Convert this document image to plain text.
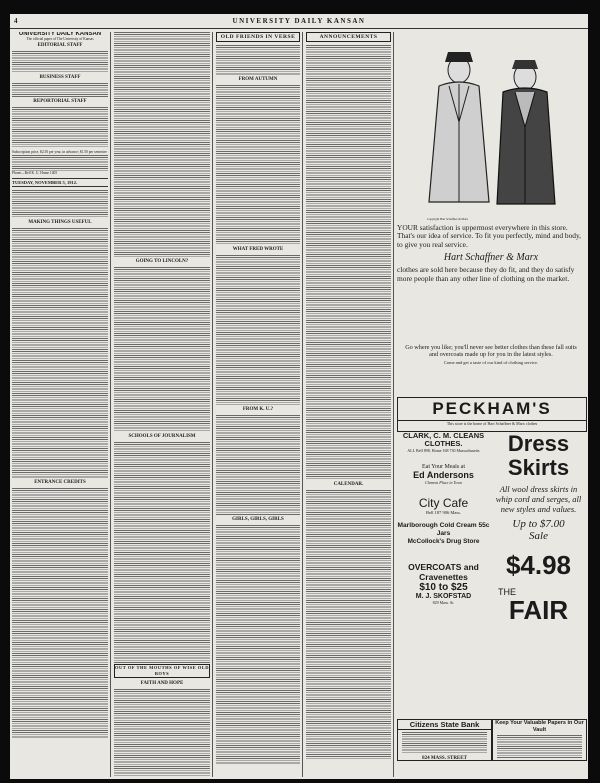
4	UNIVERSITY DAILY KANSAN
UNIVERSITY DAILY KANSAN
The official paper of The University of Kansas
EDITORIAL STAFF
BUSINESS STAFF
REPORTORIAL STAFF
Subscription price, $2.50 per year, in advance; $1.50 per semester
Phone—Bell K. U. Home 1405
TUESDAY, NOVEMBER 5, 1912.
MAKING THINGS USEFUL
ENTRANCE CREDITS
GOING TO LINCOLN?
SCHOOLS OF JOURNALISM
OUT OF THE MOUTHS OF WISE OLD BOYS
FAITH AND HOPE
OLD FRIENDS IN VERSE
FROM AUTUMN
WHAT FRED WROTE
FROM K. U.?
GIRLS, GIRLS, GIRLS
ANNOUNCEMENTS
CALENDAR.
Copyright Hart Schaffner & Marx
YOUR satisfaction is uppermost everywhere in this store. That's our idea of service. To fit you perfectly, mind and body, to give you real service.
Hart Schaffner & Marx
clothes are sold here because they do fit, and they do satisfy more people than any other line of clothing on the market.
Go where you like; you'll never see better clothes than these fall suits and overcoats made up for you in the latest styles.
Come and get a taste of our kind of clothing service.
PECKHAM'S
This store is the home of Hart Schaffner & Marx clothes
CLARK, C. M. CLEANS CLOTHES.
ALL Bell 898, Home 168 730 Massachusetts
Eat Your Meals at
Ed Andersons
Clement Place in Town
City Cafe
Bell 187 906 Mass.
Marlborough Cold Cream 55c Jars
McCollock's Drug Store
OVERCOATS and Cravenettes
$10 to $25
M. J. SKOFSTAD
829 Mass. St.
Dress
Skirts
All wool dress skirts in whip cord and serges, all new styles and values.
Up to $7.00
Sale
$4.98
THE
FAIR
Citizens State Bank
824 MASS. STREET
Keep Your Valuable Papers in Our Vault
